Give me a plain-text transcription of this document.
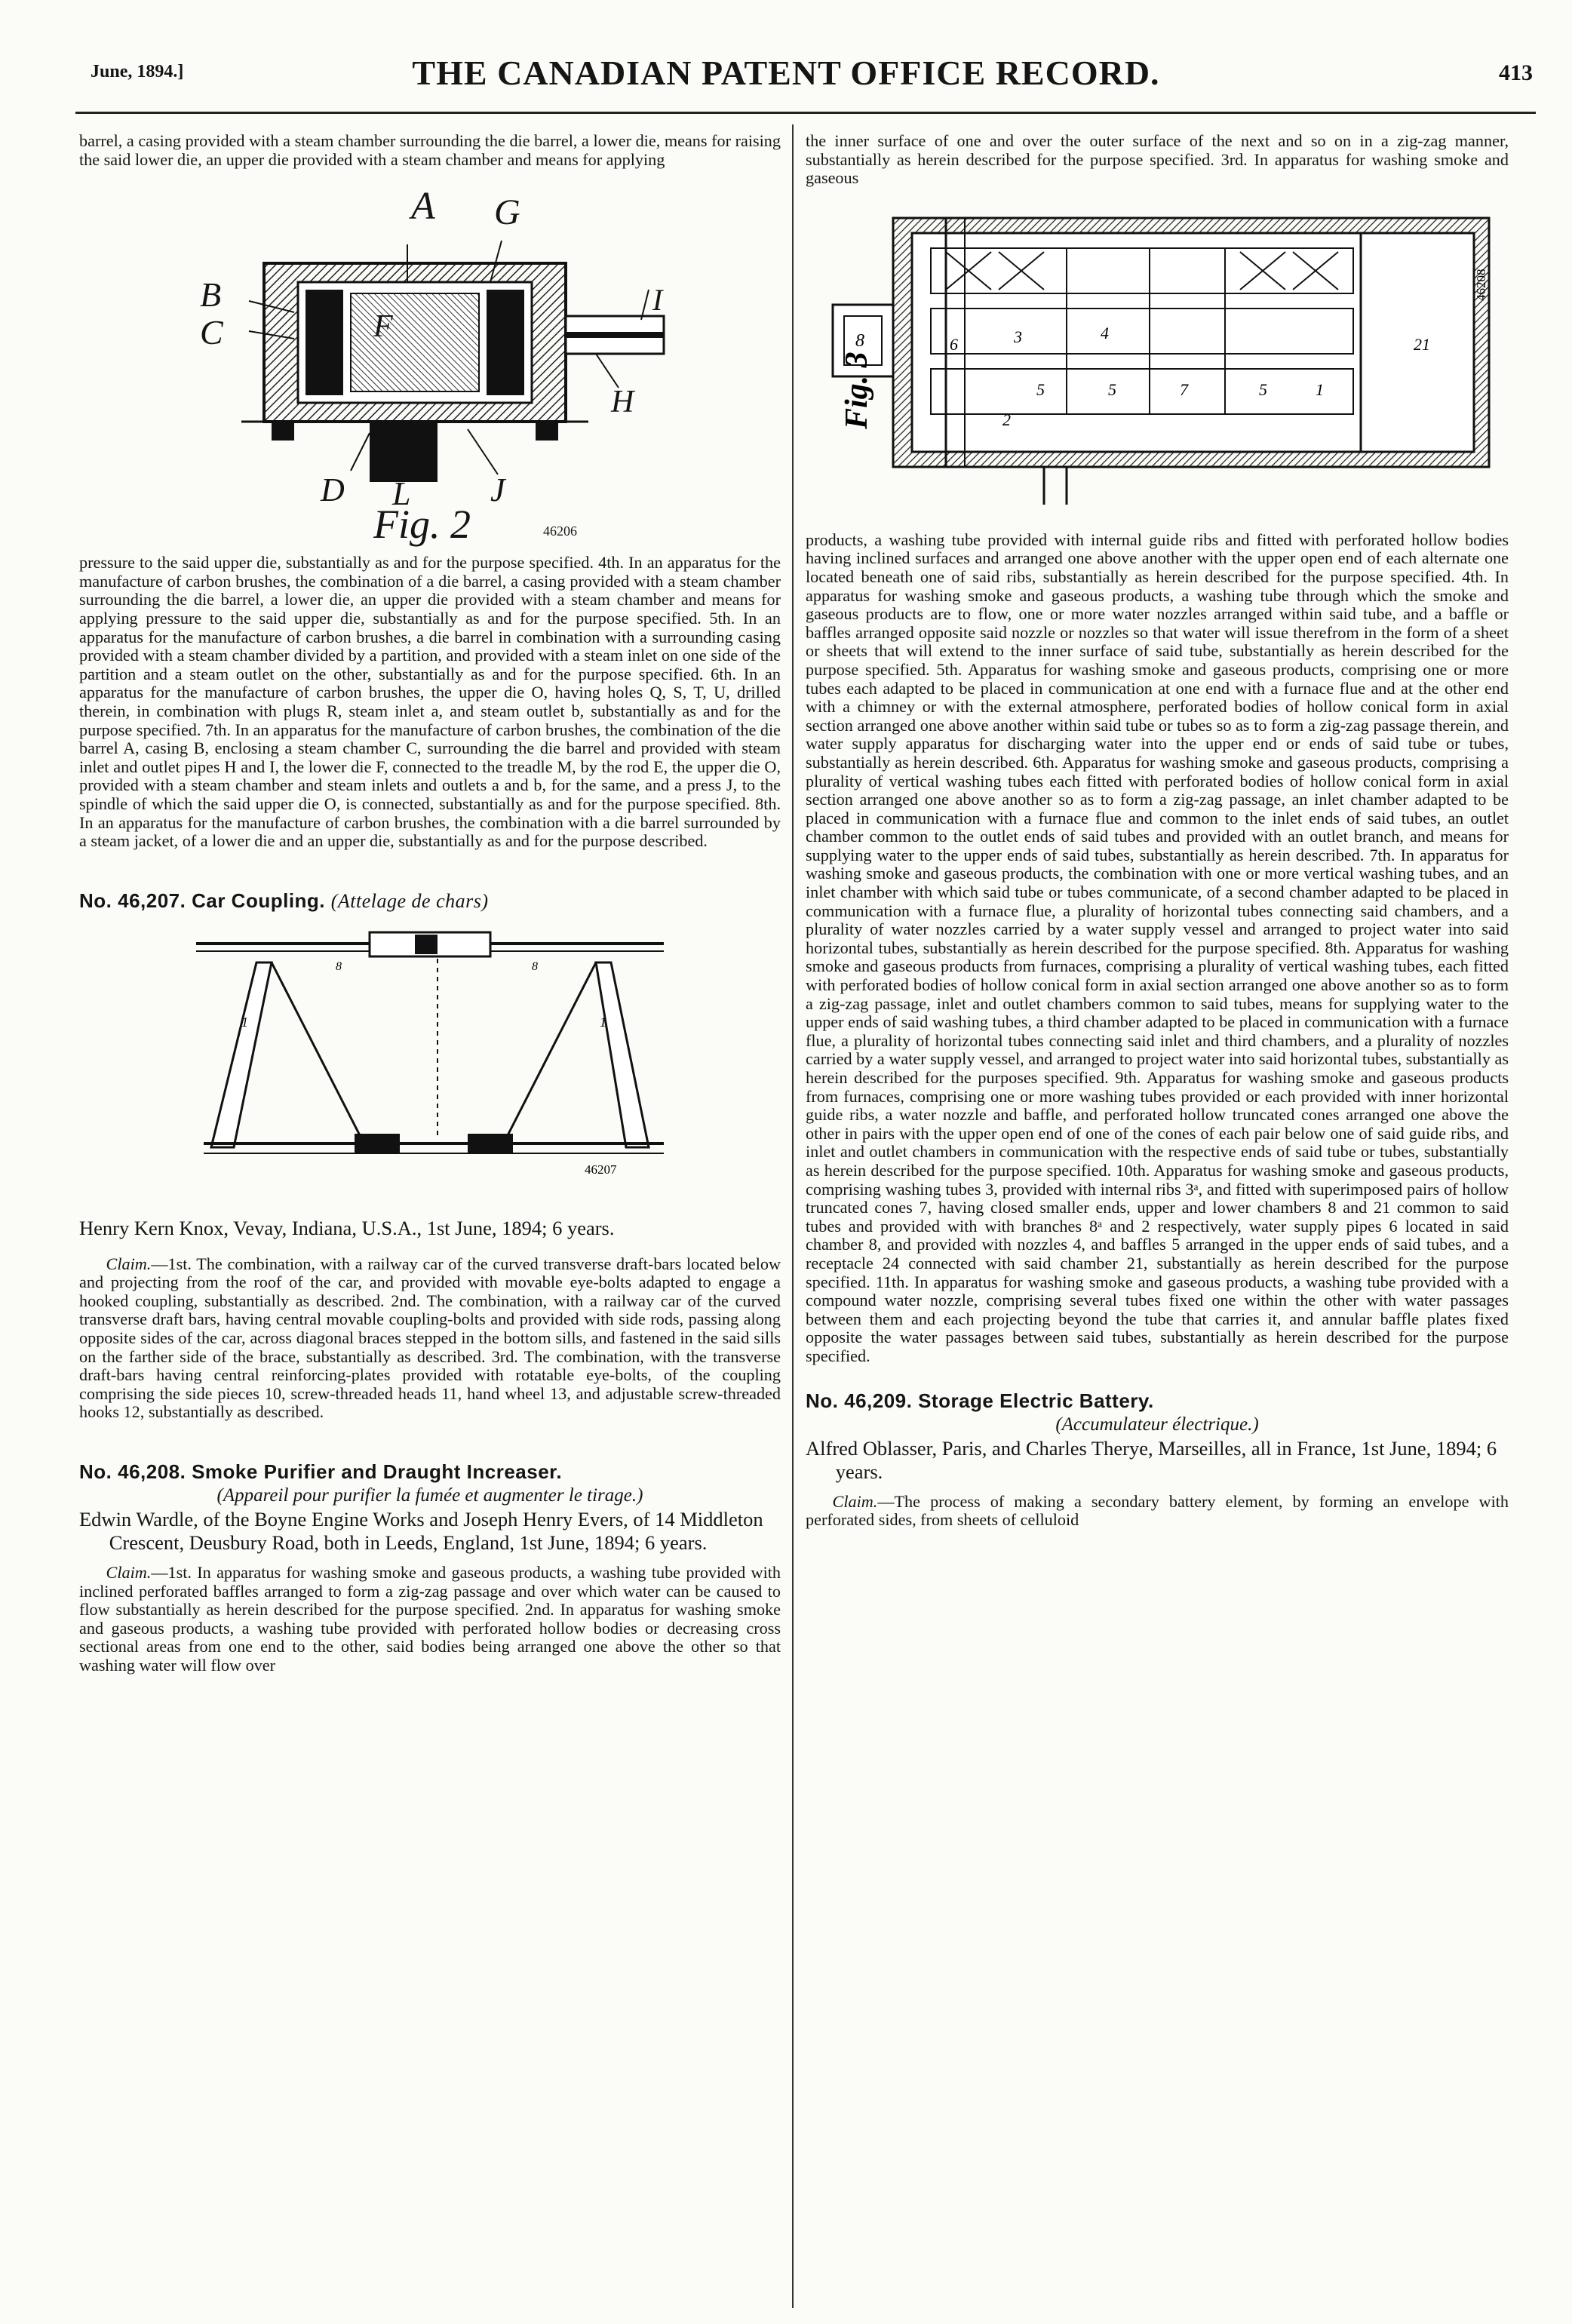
June, 1894.]	THE CANADIAN PATENT OFFICE RECORD.	413

barrel, a casing provided with a steam chamber surrounding the die barrel, a lower die, means for raising the said lower die, an upper die provided with a steam chamber and means for applying

A G
B
C	F
I
H
D L J
Fig. 2	46206

pressure to the said upper die, substantially as and for the purpose specified. 4th. In an apparatus for the manufacture of carbon brushes, the combination of a die barrel, a casing provided with a steam chamber surrounding the die barrel, a lower die, an upper die provided with a steam chamber and means for applying pressure to the said upper die, substantially as and for the purpose specified. 5th. In an apparatus for the manufacture of carbon brushes, a die barrel in combination with a surrounding casing provided with a steam chamber divided by a partition, and provided with a steam inlet on one side of the partition and a steam outlet on the other, substantially as and for the purpose specified. 6th. In an apparatus for the manufacture of carbon brushes, the upper die O, having holes Q, S, T, U, drilled therein, in combination with plugs R, steam inlet a, and steam outlet b, substantially as and for the purpose specified. 7th. In an apparatus for the manufacture of carbon brushes, the combination of the die barrel A, casing B, enclosing a steam chamber C, surrounding the die barrel and provided with steam inlet and outlet pipes H and I, the lower die F, connected to the treadle M, by the rod E, the upper die O, provided with a steam chamber and steam inlets and outlets a and b, for the same, and a press J, to the spindle of which the said upper die O, is connected, substantially as and for the purpose specified. 8th. In an apparatus for the manufacture of carbon brushes, the combination with a die barrel surrounded by a steam jacket, of a lower die and an upper die, substantially as and for the purpose described.

No. 46,207. Car Coupling. (Attelage de chars)
1	1
8	8
46207

Henry Kern Knox, Vevay, Indiana, U.S.A., 1st June, 1894; 6 years.

Claim.—1st. The combination, with a railway car of the curved transverse draft-bars located below and projecting from the roof of the car, and provided with movable eye-bolts adapted to engage a hooked coupling, substantially as described. 2nd. The combination, with a railway car of the curved transverse draft bars, having central movable coupling-bolts and provided with side rods, passing along opposite sides of the car, across diagonal braces stepped in the bottom sills, and fastened in the said sills on the farther side of the brace, substantially as described. 3rd. The combination, with the transverse draft-bars having central reinforcing-plates provided with rotatable eye-bolts, of the coupling comprising the side pieces 10, screw-threaded heads 11, hand wheel 13, and adjustable screw-threaded hooks 12, substantially as described.

No. 46,208. Smoke Purifier and Draught Increaser.

(Appareil pour purifier la fumée et augmenter le tirage.)

Edwin Wardle, of the Boyne Engine Works and Joseph Henry Evers, of 14 Middleton Crescent, Deusbury Road, both in Leeds, England, 1st June, 1894; 6 years.

Claim.—1st. In apparatus for washing smoke and gaseous products, a washing tube provided with inclined perforated baffles arranged to form a zig-zag passage and over which water can be caused to flow substantially as herein described for the purpose specified. 2nd. In apparatus for washing smoke and gaseous products, a washing tube provided with perforated hollow bodies or decreasing cross sectional areas from one end to the other, said bodies being arranged one above the other so that washing water will flow over

the inner surface of one and over the outer surface of the next and so on in a zig-zag manner, substantially as herein described for the purpose specified. 3rd. In apparatus for washing smoke and gaseous

8	6	3	4
21
7	1
5	5
5
2
Fig. 3
46208

products, a washing tube provided with internal guide ribs and fitted with perforated hollow bodies having inclined surfaces and arranged one above another with the upper open end of each alternate one located beneath one of said ribs, substantially as herein described for the purpose specified. 4th. In apparatus for washing smoke and gaseous products, a washing tube through which the smoke and gaseous products are to flow, one or more water nozzles arranged within said tube, and a baffle or baffles arranged opposite said nozzle or nozzles so that water will issue therefrom in the form of a sheet or sheets that will extend to the inner surface of said tube, substantially as herein described for the purpose specified. 5th. Apparatus for washing smoke and gaseous products, comprising one or more tubes each adapted to be placed in communication at one end with a furnace flue and at the other end with a chimney or with the external atmosphere, perforated bodies of hollow conical form in axial section arranged one above another within said tube or tubes so as to form a zig-zag passage therein, and water supply apparatus for discharging water into the upper end or ends of said tube or tubes, substantially as herein described. 6th. Apparatus for washing smoke and gaseous products, comprising a plurality of vertical washing tubes each fitted with perforated bodies of hollow conical form in axial section arranged one above another so as to form a zig-zag passage, an inlet chamber adapted to be placed in communication with a furnace flue and common to the inlet ends of said tubes, an outlet chamber common to the outlet ends of said tubes and provided with an outlet branch, and means for supplying water to the upper ends of said tubes, substantially as herein described. 7th. In apparatus for washing smoke and gaseous products, the combination with one or more vertical washing tubes, and an inlet chamber with which said tube or tubes communicate, of a second chamber adapted to be placed in communication with a furnace flue, a plurality of horizontal tubes connecting said chambers, and a plurality of water nozzles carried by a water supply vessel and arranged to project water into said horizontal tubes, substantially as herein described for the purpose specified. 8th. Apparatus for washing smoke and gaseous products from furnaces, comprising a plurality of vertical washing tubes, each fitted with perforated bodies of hollow conical form in axial section arranged one above another so as to form a zig-zag passage, inlet and outlet chambers common to said tubes, means for supplying water to the upper ends of said washing tubes, a third chamber adapted to be placed in communication with a furnace flue, a plurality of horizontal tubes connecting said inlet and third chambers, and a plurality of nozzles carried by a water supply vessel, and arranged to project water into said horizontal tubes, substantially as herein described for the purposes specified. 9th. Apparatus for washing smoke and gaseous products from furnaces, comprising one or more washing tubes provided or each provided with inner horizontal guide ribs, a water nozzle and baffle, and perforated hollow truncated cones arranged one above the other in pairs with the upper open end of one of the cones of each pair below one of said guide ribs, and inlet and outlet chambers in communication with the respective ends of said tube or tubes, substantially as herein described for the purpose specified. 10th. Apparatus for washing smoke and gaseous products, comprising washing tubes 3, provided with internal ribs 3ᵃ, and fitted with superimposed pairs of hollow truncated cones 7, having closed smaller ends, upper and lower chambers 8 and 21 common to said tubes and provided with with branches 8ᵃ and 2 respectively, water supply pipes 6 located in said chamber 8, and provided with nozzles 4, and baffles 5 arranged in the upper ends of said tubes, and a receptacle 24 connected with said chamber 21, substantially as herein described for the purpose specified. 11th. In apparatus for washing smoke and gaseous products, a washing tube provided with a compound water nozzle, comprising several tubes fixed one within the other with water passages between them and each projecting beyond the tube that carries it, and annular baffle plates fixed opposite the water passages between said tubes, substantially as herein described for the purpose specified.

No. 46,209. Storage Electric Battery.

(Accumulateur électrique.)

Alfred Oblasser, Paris, and Charles Therye, Marseilles, all in France, 1st June, 1894; 6 years.

Claim.—The process of making a secondary battery element, by forming an envelope with perforated sides, from sheets of celluloid
